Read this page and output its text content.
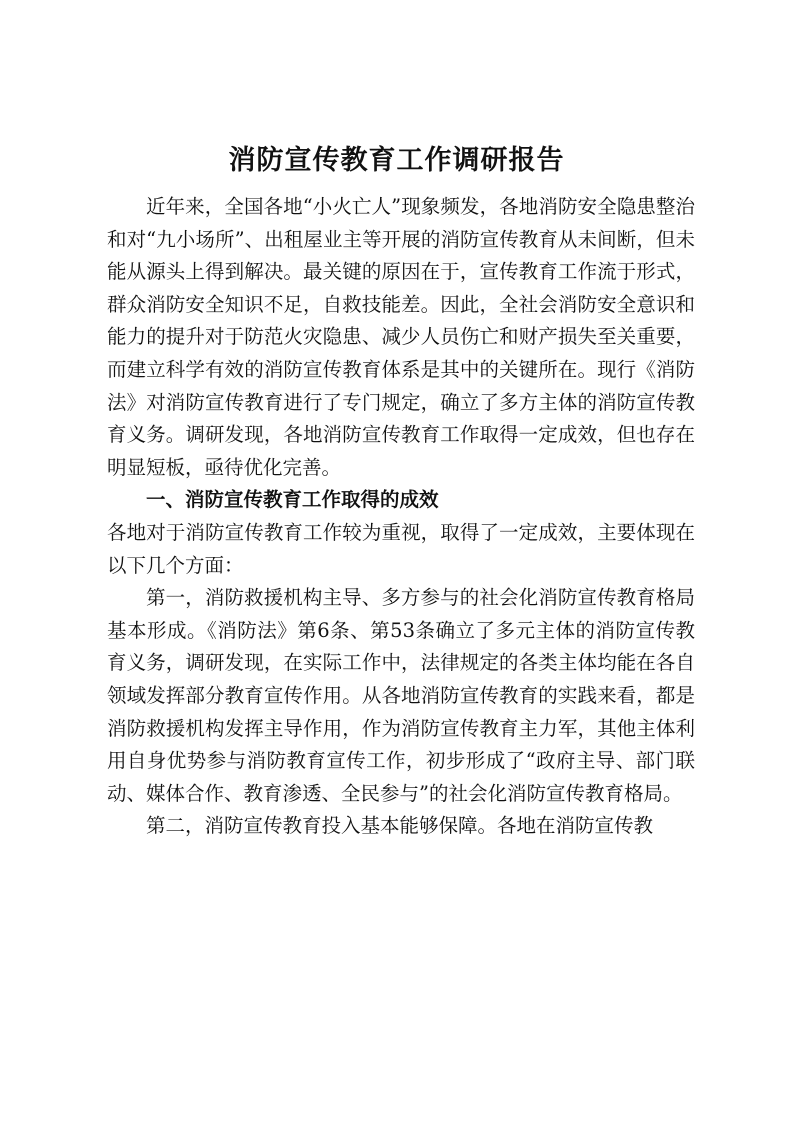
消防宣传教育工作调研报告

近年来，全国各地“小火亡人”现象频发，各地消防安全隐患整治和对“九小场所”、出租屋业主等开展的消防宣传教育从未间断，但未能从源头上得到解决。最关键的原因在于，宣传教育工作流于形式，群众消防安全知识不足，自救技能差。因此，全社会消防安全意识和能力的提升对于防范火灾隐患、减少人员伤亡和财产损失至关重要，而建立科学有效的消防宣传教育体系是其中的关键所在。现行《消防法》对消防宣传教育进行了专门规定，确立了多方主体的消防宣传教育义务。调研发现，各地消防宣传教育工作取得一定成效，但也存在明显短板，亟待优化完善。

一、消防宣传教育工作取得的成效

各地对于消防宣传教育工作较为重视，取得了一定成效，主要体现在以下几个方面：

第一，消防救援机构主导、多方参与的社会化消防宣传教育格局基本形成。《消防法》第6条、第53条确立了多元主体的消防宣传教育义务，调研发现，在实际工作中，法律规定的各类主体均能在各自领域发挥部分教育宣传作用。从各地消防宣传教育的实践来看，都是消防救援机构发挥主导作用，作为消防宣传教育主力军，其他主体利用自身优势参与消防教育宣传工作，初步形成了“政府主导、部门联动、媒体合作、教育渗透、全民参与”的社会化消防宣传教育格局。

第二，消防宣传教育投入基本能够保障。各地在消防宣传教
